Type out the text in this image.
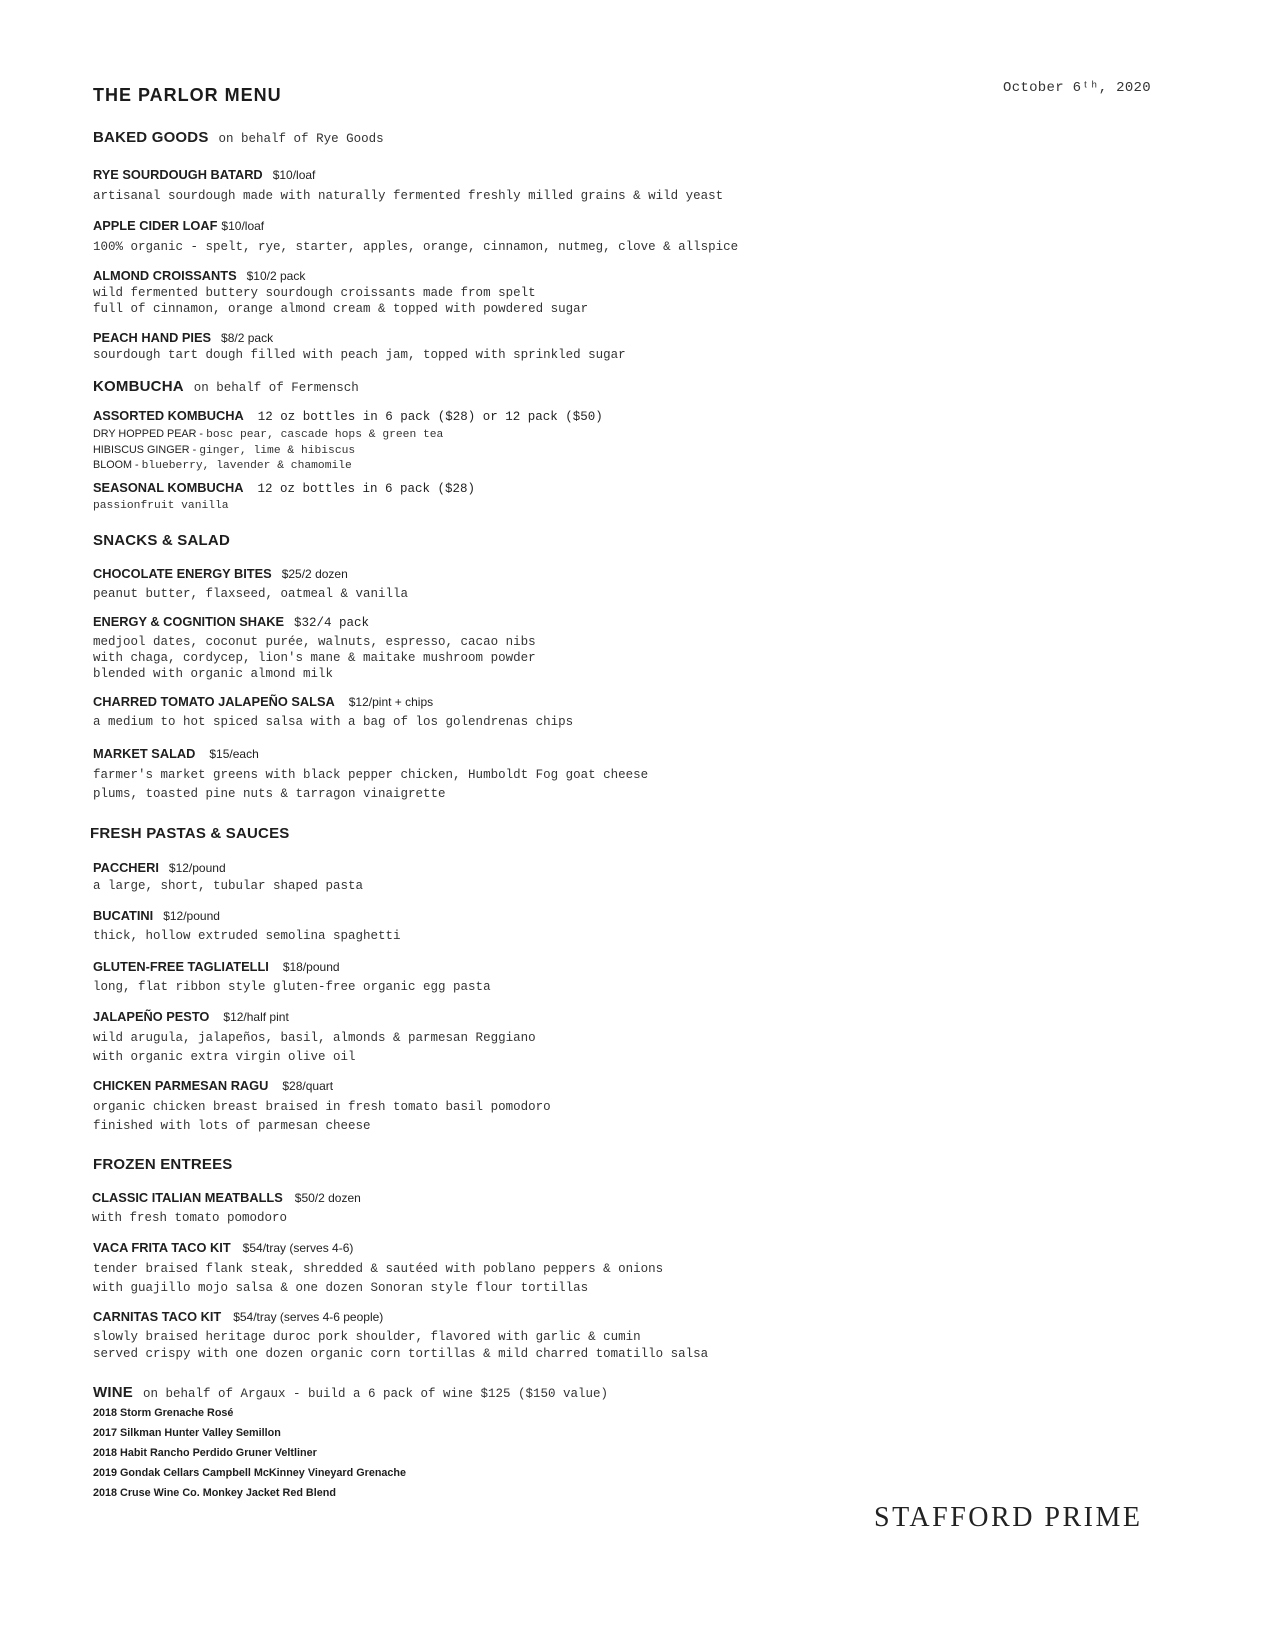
THE PARLOR MENU	October 6ᵗʰ, 2020
BAKED GOODS on behalf of Rye Goods
RYE SOURDOUGH BATARD $10/loaf
artisanal sourdough made with naturally fermented freshly milled grains & wild yeast
APPLE CIDER LOAF $10/loaf
100% organic - spelt, rye, starter, apples, orange, cinnamon, nutmeg, clove & allspice
ALMOND CROISSANTS $10/2 pack
wild fermented buttery sourdough croissants made from spelt
full of cinnamon, orange almond cream & topped with powdered sugar
PEACH HAND PIES $8/2 pack
sourdough tart dough filled with peach jam, topped with sprinkled sugar
KOMBUCHA on behalf of Fermensch
ASSORTED KOMBUCHA 12 oz bottles in 6 pack ($28) or 12 pack ($50)
DRY HOPPED PEAR - bosc pear, cascade hops & green tea
HIBISCUS GINGER - ginger, lime & hibiscus
BLOOM - blueberry, lavender & chamomile
SEASONAL KOMBUCHA 12 oz bottles in 6 pack ($28)
passionfruit vanilla
SNACKS & SALAD
CHOCOLATE ENERGY BITES $25/2 dozen
peanut butter, flaxseed, oatmeal & vanilla
ENERGY & COGNITION SHAKE $32/4 pack
medjool dates, coconut purée, walnuts, espresso, cacao nibs
with chaga, cordycep, lion's mane & maitake mushroom powder
blended with organic almond milk
CHARRED TOMATO JALAPEÑO SALSA $12/pint + chips
a medium to hot spiced salsa with a bag of los golendrenas chips
MARKET SALAD $15/each
farmer's market greens with black pepper chicken, Humboldt Fog goat cheese
plums, toasted pine nuts & tarragon vinaigrette
FRESH PASTAS & SAUCES
PACCHERI $12/pound
a large, short, tubular shaped pasta
BUCATINI $12/pound
thick, hollow extruded semolina spaghetti
GLUTEN-FREE TAGLIATELLI $18/pound
long, flat ribbon style gluten-free organic egg pasta
JALAPEÑO PESTO $12/half pint
wild arugula, jalapeños, basil, almonds & parmesan Reggiano
with organic extra virgin olive oil
CHICKEN PARMESAN RAGU $28/quart
organic chicken breast braised in fresh tomato basil pomodoro
finished with lots of parmesan cheese
FROZEN ENTREES
CLASSIC ITALIAN MEATBALLS $50/2 dozen
with fresh tomato pomodoro
VACA FRITA TACO KIT $54/tray (serves 4-6)
tender braised flank steak, shredded & sautéed with poblano peppers & onions
with guajillo mojo salsa & one dozen Sonoran style flour tortillas
CARNITAS TACO KIT $54/tray (serves 4-6 people)
slowly braised heritage duroc pork shoulder, flavored with garlic & cumin
served crispy with one dozen organic corn tortillas & mild charred tomatillo salsa
WINE on behalf of Argaux - build a 6 pack of wine $125 ($150 value)
2018 Storm Grenache Rosé
2017 Silkman Hunter Valley Semillon
2018 Habit Rancho Perdido Gruner Veltliner
2019 Gondak Cellars Campbell McKinney Vineyard Grenache
2018 Cruse Wine Co. Monkey Jacket Red Blend
STAFFORD PRIME
